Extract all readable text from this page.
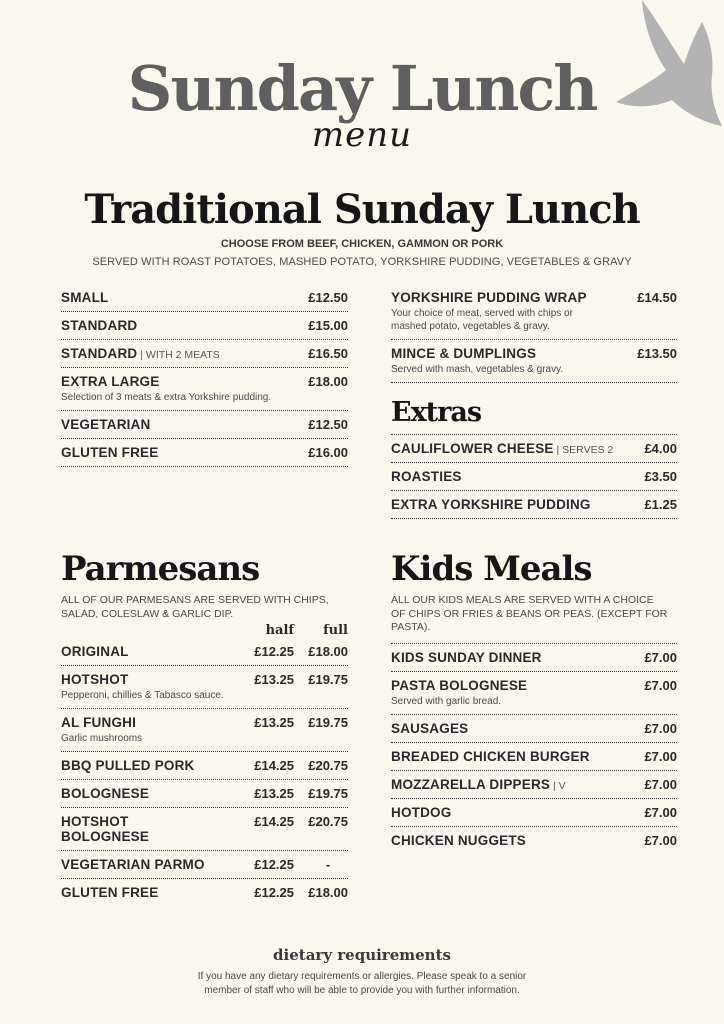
Sunday Lunch
menu
Traditional Sunday Lunch
CHOOSE FROM BEEF, CHICKEN, GAMMON OR PORK
SERVED WITH ROAST POTATOES, MASHED POTATO, YORKSHIRE PUDDING, VEGETABLES & GRAVY
SMALL	£12.50
STANDARD	£15.00
STANDARD | WITH 2 MEATS	£16.50
EXTRA LARGE	£18.00
Selection of 3 meats & extra Yorkshire pudding.
VEGETARIAN	£12.50
GLUTEN FREE	£16.00
YORKSHIRE PUDDING WRAP	£14.50
Your choice of meat, served with chips or mashed potato, vegetables & gravy.
MINCE & DUMPLINGS	£13.50
Served with mash, vegetables & gravy.
Extras
CAULIFLOWER CHEESE | SERVES 2 £4.00
ROASTIES	£3.50
EXTRA YORKSHIRE PUDDING	£1.25
Parmesans
ALL OF OUR PARMESANS ARE SERVED WITH CHIPS, SALAD, COLESLAW & GARLIC DIP.
half	full
ORIGINAL	£12.25	£18.00
HOTSHOT	£13.25	£19.75
Pepperoni, chillies & Tabasco sauce.
AL FUNGHI	£13.25	£19.75
Garlic mushrooms
BBQ PULLED PORK	£14.25	£20.75
BOLOGNESE	£13.25	£19.75
HOTSHOT BOLOGNESE
£14.25	£20.75
VEGETARIAN PARMO	£12.25	-
GLUTEN FREE	£12.25	£18.00
Kids Meals
ALL OUR KIDS MEALS ARE SERVED WITH A CHOICE OF CHIPS OR FRIES & BEANS OR PEAS. (EXCEPT FOR PASTA).
KIDS SUNDAY DINNER	£7.00
PASTA BOLOGNESE	£7.00
Served with garlic bread.
SAUSAGES	£7.00
BREADED CHICKEN BURGER	£7.00
MOZZARELLA DIPPERS | V	£7.00
HOTDOG	£7.00
CHICKEN NUGGETS	£7.00
dietary requirements
If you have any dietary requirements or allergies. Please speak to a senior member of staff who will be able to provide you with further information.
